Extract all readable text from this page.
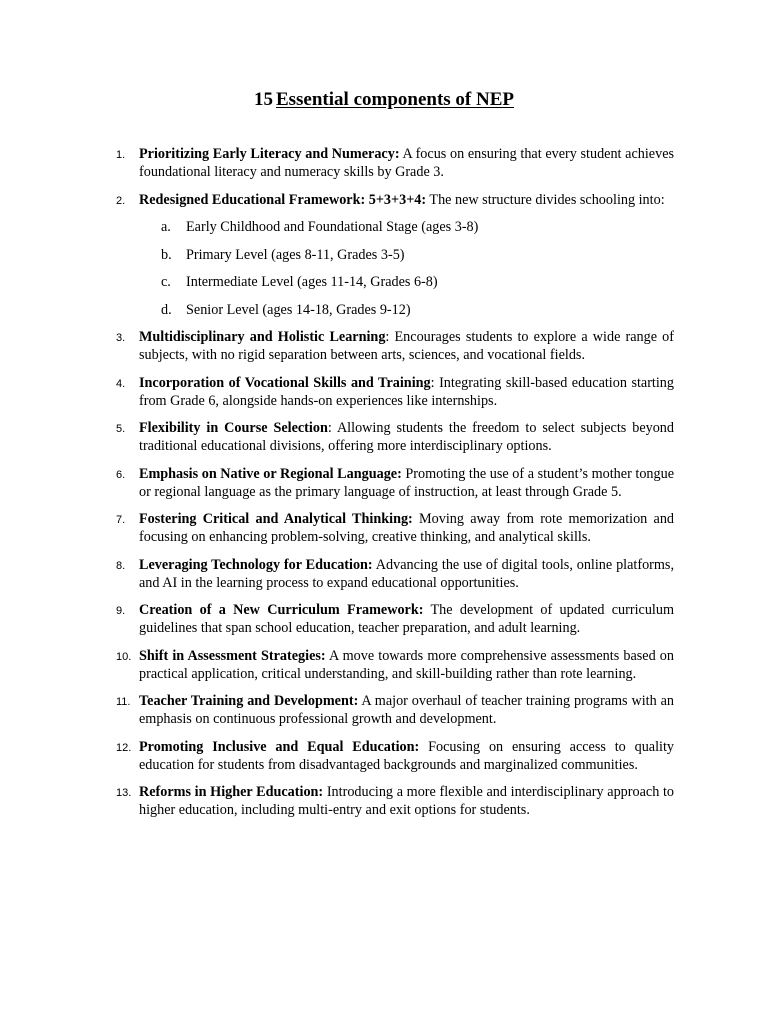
15 Essential components of NEP
1. Prioritizing Early Literacy and Numeracy: A focus on ensuring that every student achieves foundational literacy and numeracy skills by Grade 3.
2. Redesigned Educational Framework: 5+3+3+4: The new structure divides schooling into:
a. Early Childhood and Foundational Stage (ages 3-8)
b. Primary Level (ages 8-11, Grades 3-5)
c. Intermediate Level (ages 11-14, Grades 6-8)
d. Senior Level (ages 14-18, Grades 9-12)
3. Multidisciplinary and Holistic Learning: Encourages students to explore a wide range of subjects, with no rigid separation between arts, sciences, and vocational fields.
4. Incorporation of Vocational Skills and Training: Integrating skill-based education starting from Grade 6, alongside hands-on experiences like internships.
5. Flexibility in Course Selection: Allowing students the freedom to select subjects beyond traditional educational divisions, offering more interdisciplinary options.
6. Emphasis on Native or Regional Language: Promoting the use of a student’s mother tongue or regional language as the primary language of instruction, at least through Grade 5.
7. Fostering Critical and Analytical Thinking: Moving away from rote memorization and focusing on enhancing problem-solving, creative thinking, and analytical skills.
8. Leveraging Technology for Education: Advancing the use of digital tools, online platforms, and AI in the learning process to expand educational opportunities.
9. Creation of a New Curriculum Framework: The development of updated curriculum guidelines that span school education, teacher preparation, and adult learning.
10. Shift in Assessment Strategies: A move towards more comprehensive assessments based on practical application, critical understanding, and skill-building rather than rote learning.
11. Teacher Training and Development: A major overhaul of teacher training programs with an emphasis on continuous professional growth and development.
12. Promoting Inclusive and Equal Education: Focusing on ensuring access to quality education for students from disadvantaged backgrounds and marginalized communities.
13. Reforms in Higher Education: Introducing a more flexible and interdisciplinary approach to higher education, including multi-entry and exit options for students.
